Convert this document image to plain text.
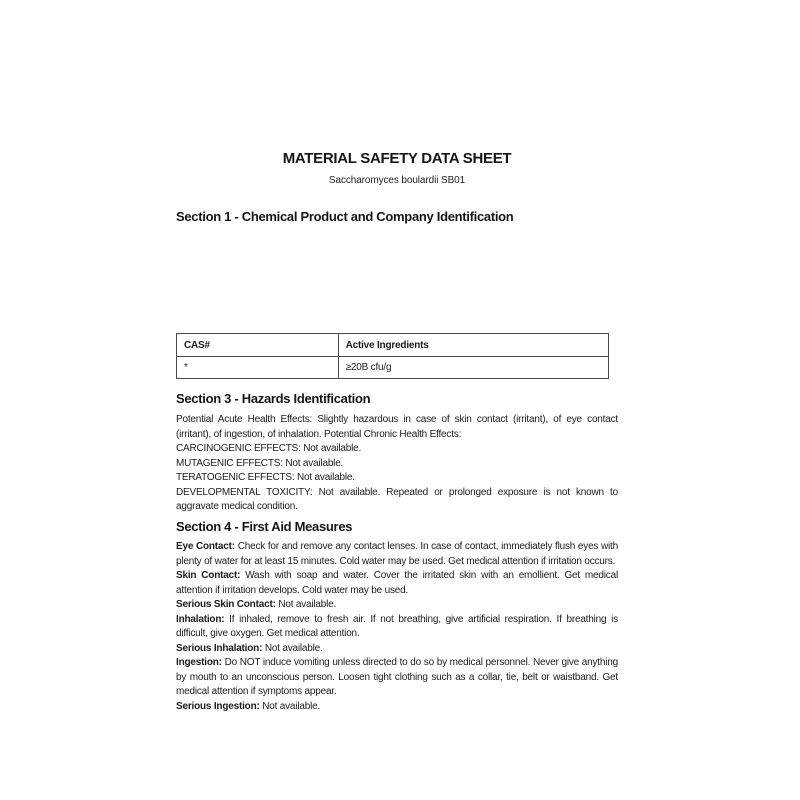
MATERIAL SAFETY DATA SHEET
Saccharomyces boulardii SB01
Section 1 - Chemical Product and Company Identification
CAS#	Active Ingredients
*	≥20B cfu/g
Section 3 - Hazards Identification

Potential Acute Health Effects: Slightly hazardous in case of skin contact (irritant), of eye contact (irritant), of ingestion, of inhalation. Potential Chronic Health Effects:

CARCINOGENIC EFFECTS: Not available.

MUTAGENIC EFFECTS: Not available.

TERATOGENIC EFFECTS: Not available.

DEVELOPMENTAL TOXICITY: Not available. Repeated or prolonged exposure is not known to aggravate medical condition.

Section 4 - First Aid Measures

Eye Contact: Check for and remove any contact lenses. In case of contact, immediately flush eyes with plenty of water for at least 15 minutes. Cold water may be used. Get medical attention if irritation occurs.

Skin Contact: Wash with soap and water. Cover the irritated skin with an emollient. Get medical attention if irritation develops. Cold water may be used.

Serious Skin Contact: Not available.

Inhalation: If inhaled, remove to fresh air. If not breathing, give artificial respiration. If breathing is difficult, give oxygen. Get medical attention.

Serious Inhalation: Not available.

Ingestion: Do NOT induce vomiting unless directed to do so by medical personnel. Never give anything by mouth to an unconscious person. Loosen tight clothing such as a collar, tie, belt or waistband. Get medical attention if symptoms appear.

Serious Ingestion: Not available.
